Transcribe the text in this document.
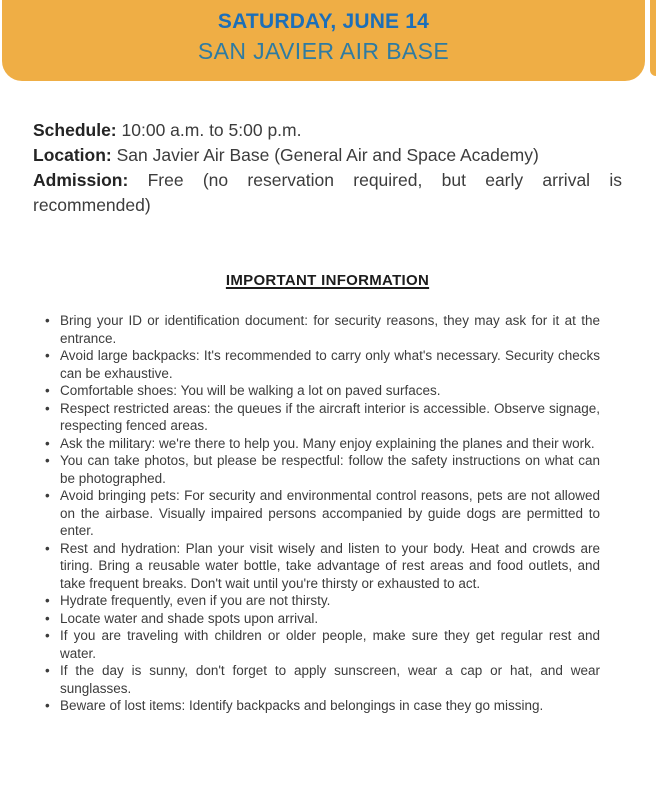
SATURDAY, JUNE 14
SAN JAVIER AIR BASE

Schedule: 10:00 a.m. to 5:00 p.m.

Location: San Javier Air Base (General Air and Space Academy)

Admission: Free (no reservation required, but early arrival is recommended)

IMPORTANT INFORMATION
• Bring your ID or identification document: for security reasons, they may ask for it at the entrance.
• Avoid large backpacks: It's recommended to carry only what's necessary. Security checks can be exhaustive.
• Comfortable shoes: You will be walking a lot on paved surfaces.
• Respect restricted areas: the queues if the aircraft interior is accessible. Observe signage, respecting fenced areas.
• Ask the military: we're there to help you. Many enjoy explaining the planes and their work.
• You can take photos, but please be respectful: follow the safety instructions on what can be photographed.
• Avoid bringing pets: For security and environmental control reasons, pets are not allowed on the airbase. Visually impaired persons accompanied by guide dogs are permitted to enter.
• Rest and hydration: Plan your visit wisely and listen to your body. Heat and crowds are tiring. Bring a reusable water bottle, take advantage of rest areas and food outlets, and take frequent breaks. Don't wait until you're thirsty or exhausted to act.
• Hydrate frequently, even if you are not thirsty.
• Locate water and shade spots upon arrival.
• If you are traveling with children or older people, make sure they get regular rest and water.
• If the day is sunny, don't forget to apply sunscreen, wear a cap or hat, and wear sunglasses.
• Beware of lost items: Identify backpacks and belongings in case they go missing.
